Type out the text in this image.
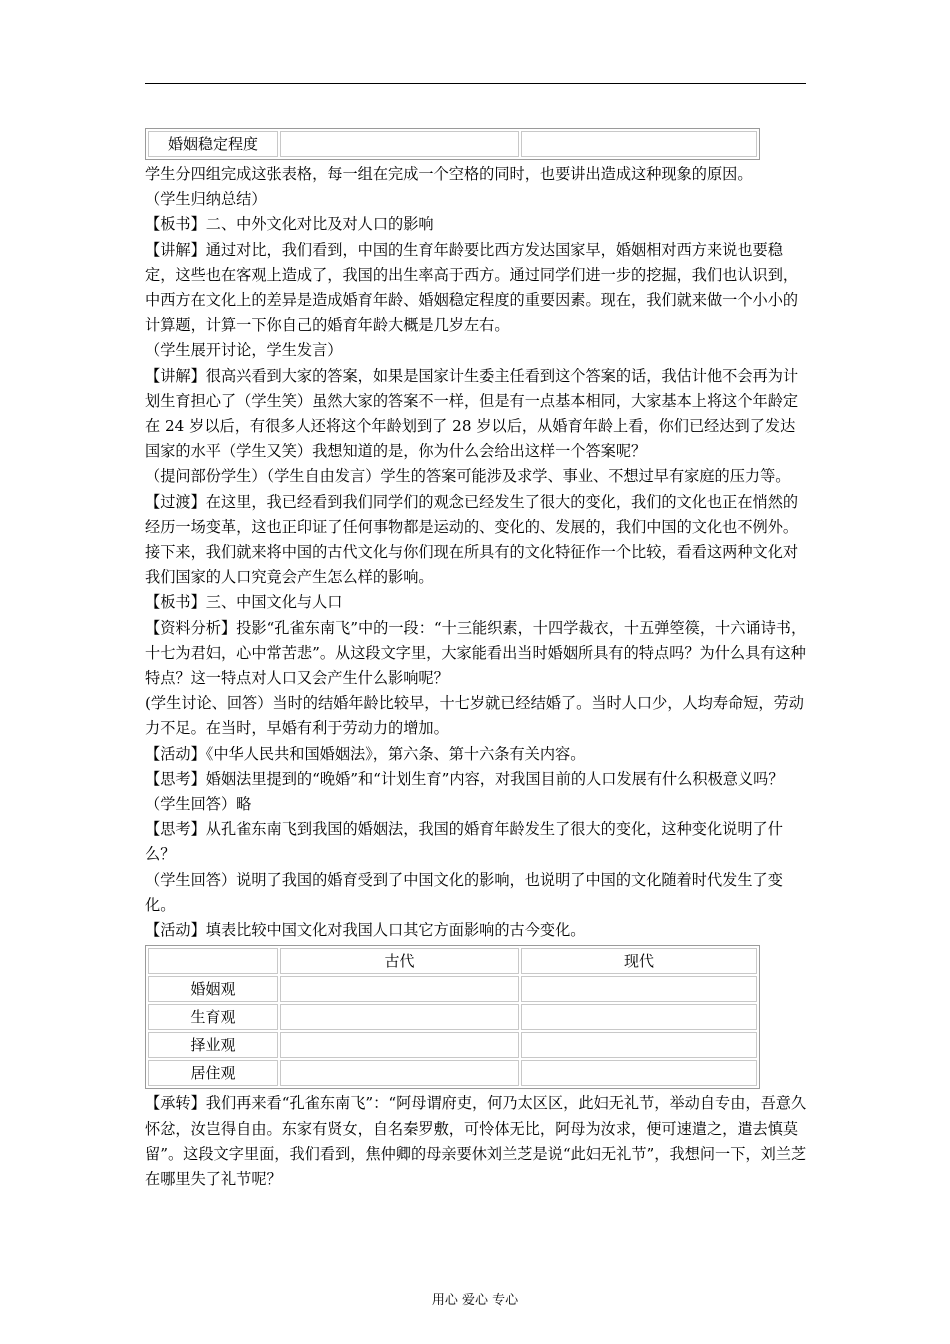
婚姻稳定程度		

学生分四组完成这张表格，每一组在完成一个空格的同时，也要讲出造成这种现象的原因。

（学生归纳总结）

【板书】二、中外文化对比及对人口的影响

【讲解】通过对比，我们看到，中国的生育年龄要比西方发达国家早，婚姻相对西方来说也要稳定，这些也在客观上造成了，我国的出生率高于西方。通过同学们进一步的挖掘，我们也认识到，中西方在文化上的差异是造成婚育年龄、婚姻稳定程度的重要因素。现在，我们就来做一个小小的计算题，计算一下你自己的婚育年龄大概是几岁左右。

（学生展开讨论，学生发言）

【讲解】很高兴看到大家的答案，如果是国家计生委主任看到这个答案的话，我估计他不会再为计划生育担心了（学生笑）虽然大家的答案不一样，但是有一点基本相同，大家基本上将这个年龄定在 24 岁以后，有很多人还将这个年龄划到了 28 岁以后，从婚育年龄上看，你们已经达到了发达国家的水平（学生又笑）我想知道的是，你为什么会给出这样一个答案呢？

（提问部份学生）（学生自由发言）学生的答案可能涉及求学、事业、不想过早有家庭的压力等。

【过渡】在这里，我已经看到我们同学们的观念已经发生了很大的变化，我们的文化也正在悄然的经历一场变革，这也正印证了任何事物都是运动的、变化的、发展的，我们中国的文化也不例外。接下来，我们就来将中国的古代文化与你们现在所具有的文化特征作一个比较，看看这两种文化对我们国家的人口究竟会产生怎么样的影响。

【板书】三、中国文化与人口

【资料分析】投影“孔雀东南飞”中的一段：“十三能织素，十四学裁衣，十五弹箜篌，十六诵诗书，十七为君妇，心中常苦悲”。从这段文字里，大家能看出当时婚姻所具有的特点吗？为什么具有这种特点？这一特点对人口又会产生什么影响呢？

(学生讨论、回答）当时的结婚年龄比较早，十七岁就已经结婚了。当时人口少，人均寿命短，劳动力不足。在当时，早婚有利于劳动力的增加。

【活动】《中华人民共和国婚姻法》，第六条、第十六条有关内容。

【思考】婚姻法里提到的“晚婚”和“计划生育”内容，对我国目前的人口发展有什么积极意义吗？

（学生回答）略

【思考】从孔雀东南飞到我国的婚姻法，我国的婚育年龄发生了很大的变化，这种变化说明了什么？

（学生回答）说明了我国的婚育受到了中国文化的影响，也说明了中国的文化随着时代发生了变化。

【活动】填表比较中国文化对我国人口其它方面影响的古今变化。

	古代	现代
婚姻观		
生育观		
择业观		
居住观		

【承转】我们再来看“孔雀东南飞”：“阿母谓府吏，何乃太区区，此妇无礼节，举动自专由，吾意久怀忿，汝岂得自由。东家有贤女，自名秦罗敷，可怜体无比，阿母为汝求，便可速遣之，遣去慎莫留”。这段文字里面，我们看到，焦仲卿的母亲要休刘兰芝是说“此妇无礼节”，我想问一下，刘兰芝在哪里失了礼节呢？

用心 爱心 专心
